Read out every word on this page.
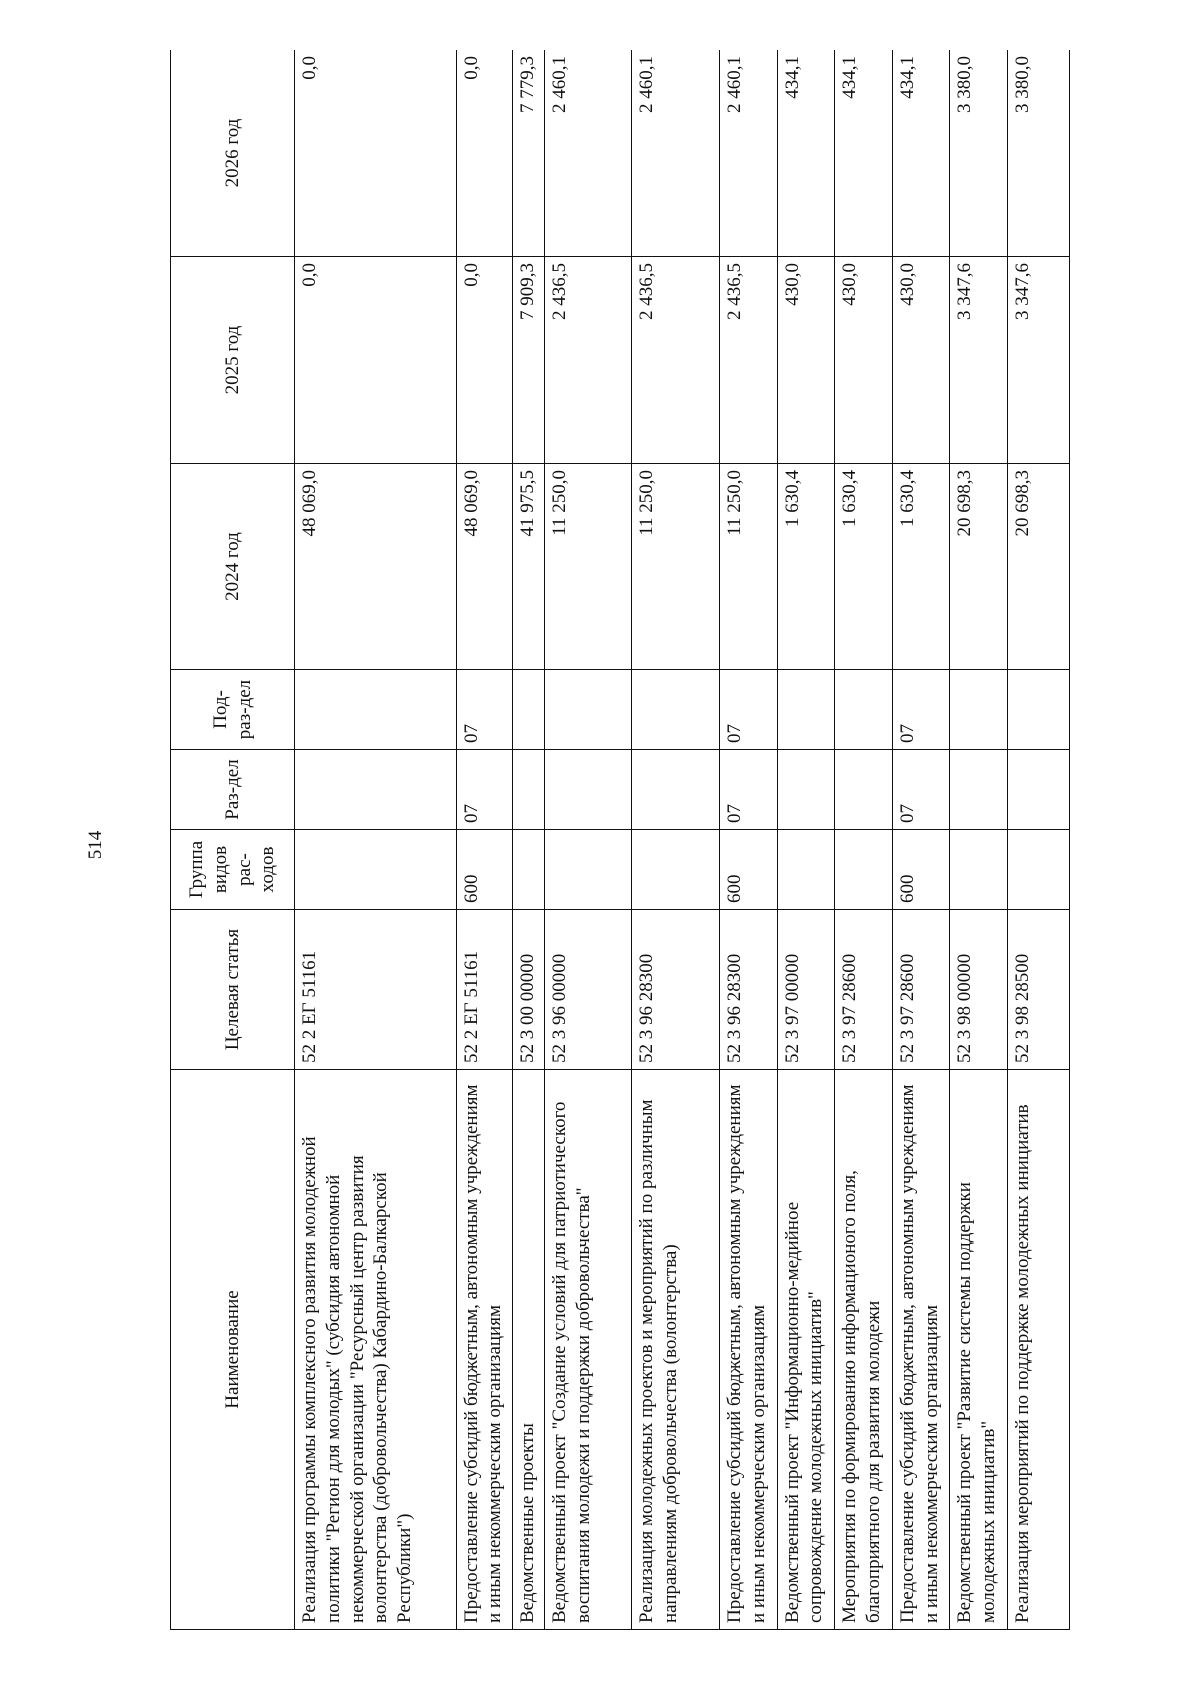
514
Наименование	Целевая статья	Группа видов рас-ходов	Раз-дел	Под-раз-дел	2024 год	2025 год	2026 год
Реализация программы комплексного развития молодежной политики "Регион для молодых" (субсидия автономной некоммерческой организации "Ресурсный центр развития волонтерства (добровольчества) Кабардино-Балкарской Республики")	52 2 ЕГ 51161				48 069,0	0,0	0,0
Предоставление субсидий бюджетным, автономным учреждениям и иным некоммерческим организациям	52 2 ЕГ 51161	600	07	07	48 069,0	0,0	0,0
Ведомственные проекты	52 3 00 00000				41 975,5	7 909,3	7 779,3
Ведомственный проект "Создание условий для патриотического воспитания молодежи и поддержки добровольчества"	52 3 96 00000				11 250,0	2 436,5	2 460,1
Реализация молодежных проектов и мероприятий по различным направлениям добровольчества (волонтерства)	52 3 96 28300				11 250,0	2 436,5	2 460,1
Предоставление субсидий бюджетным, автономным учреждениям и иным некоммерческим организациям	52 3 96 28300	600	07	07	11 250,0	2 436,5	2 460,1
Ведомственный проект "Информационно-медийное сопровождение молодежных инициатив"	52 3 97 00000				1 630,4	430,0	434,1
Мероприятия по формированию информационого поля, благоприятного для развития молодежи	52 3 97 28600				1 630,4	430,0	434,1
Предоставление субсидий бюджетным, автономным учреждениям и иным некоммерческим организациям	52 3 97 28600	600	07	07	1 630,4	430,0	434,1
Ведомственный проект "Развитие системы поддержки молодежных инициатив"	52 3 98 00000				20 698,3	3 347,6	3 380,0
Реализация мероприятий по поддержке молодежных инициатив	52 3 98 28500				20 698,3	3 347,6	3 380,0
